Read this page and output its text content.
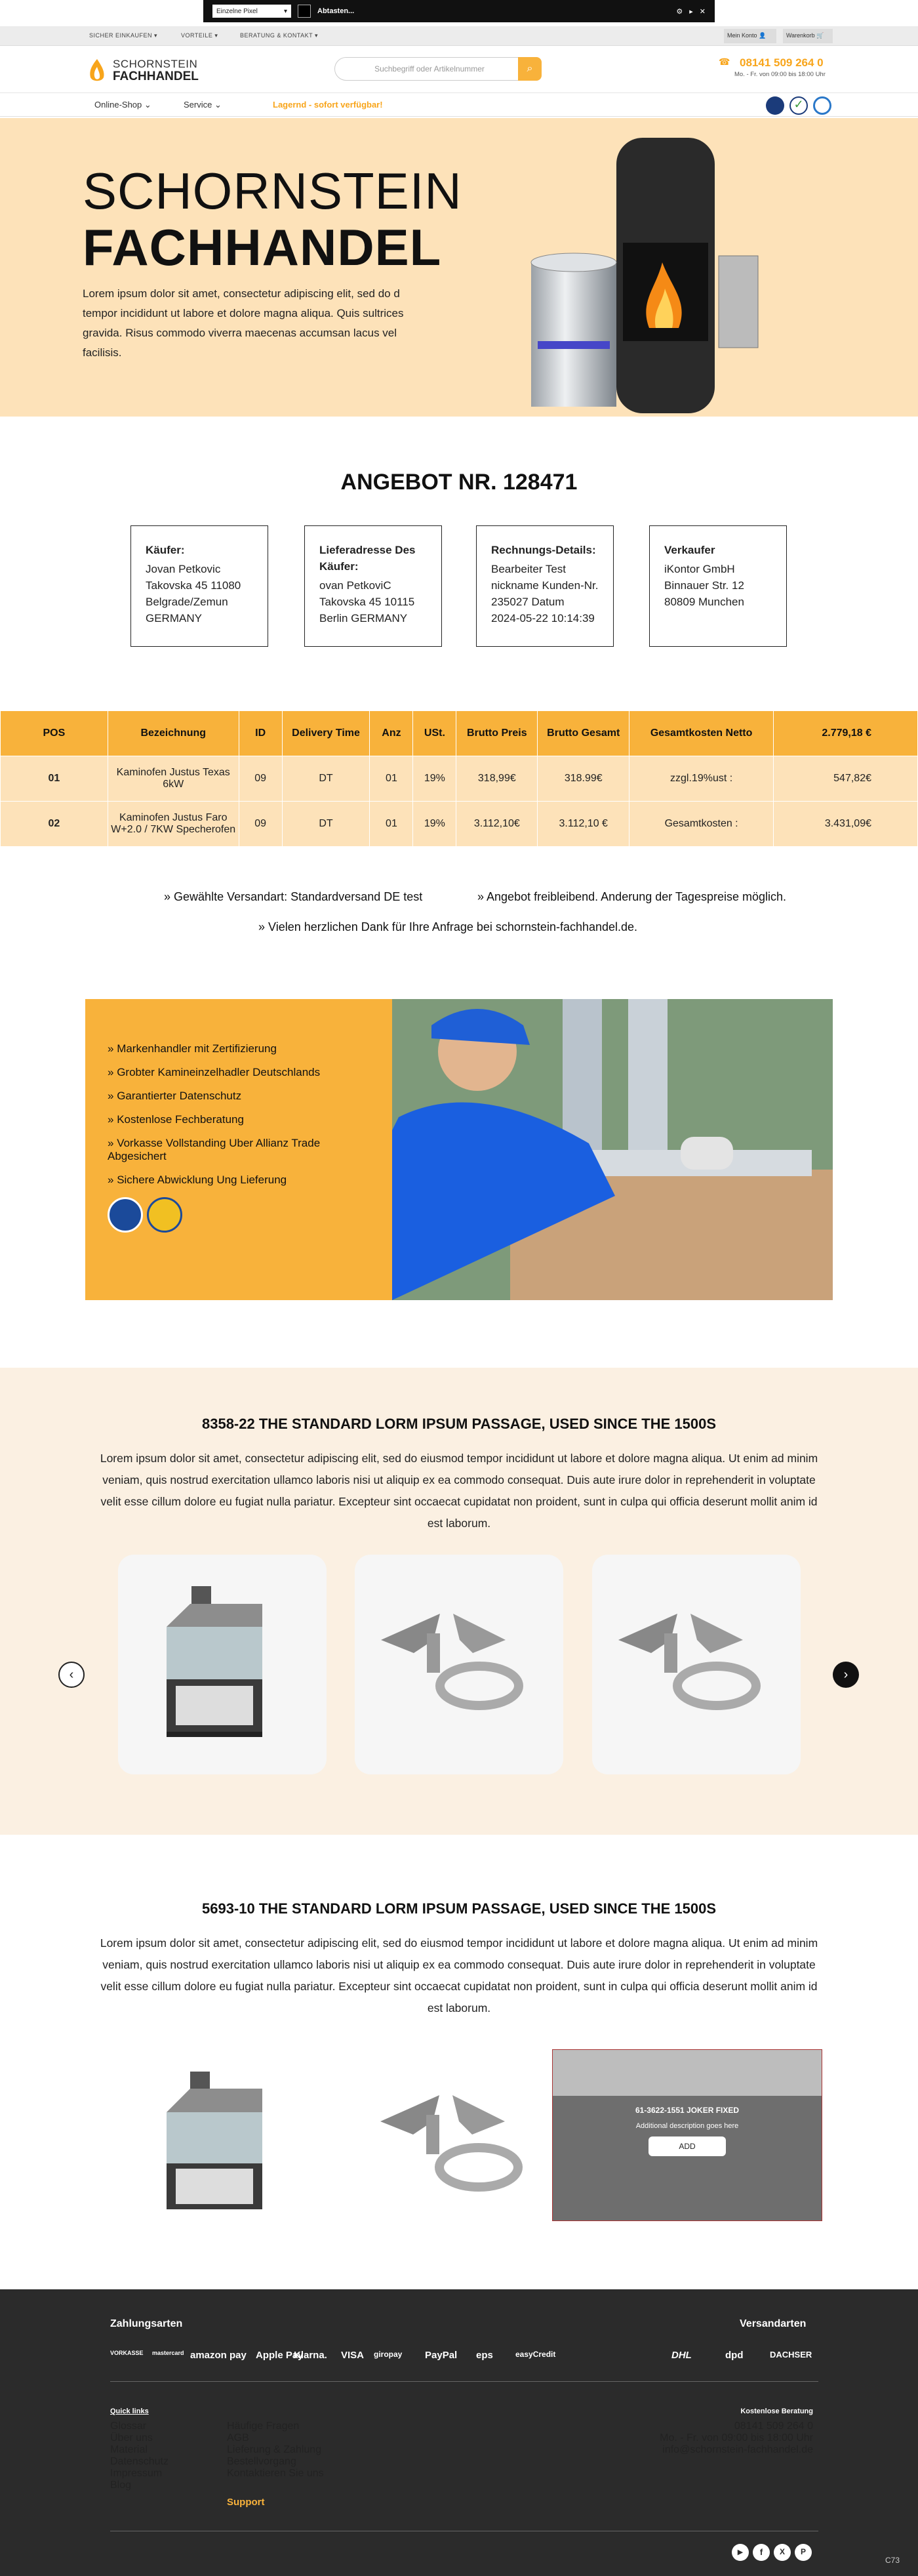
Einzelne Pixel	▾	Abtasten...	⚙ ▸ ✕
SICHER EINKAUFEN ▾	VORTEILE ▾	BERATUNG & KONTAKT ▾	Mein Konto 👤	Warenkorb 🛒
SCHORNSTEIN
FACHHANDEL
Suchbegriff oder Artikelnummer	⌕
☎ 08141 509 264 0
Mo. - Fr. von 09:00 bis 18:00 Uhr
Online-Shop ⌄	Service ⌄	Lagernd - sofort verfügbar!	✓
SCHORNSTEIN
FACHHANDEL
Lorem ipsum dolor sit amet, consectetur adipiscing elit, sed do d tempor incididunt ut labore et dolore magna aliqua. Quis sultrices gravida. Risus commodo viverra maecenas accumsan lacus vel facilisis.
ANGEBOT NR. 128471
Käufer:
Jovan Petkovic
Takovska 45 11080
Belgrade/Zemun
GERMANY
Lieferadresse Des Käufer:
ovan PetkoviC
Takovska 45 10115
Berlin GERMANY
Rechnungs-Details:
Bearbeiter Test
nickname Kunden-Nr.
235027 Datum
2024-05-22 10:14:39
Verkaufer
iKontor GmbH
Binnauer Str. 12
80809 Munchen
POS	Bezeichnung	ID	Delivery Time	Anz	USt.	Brutto Preis	Brutto Gesamt	Gesamtkosten Netto	2.779,18 €
01	Kaminofen Justus Texas 6kW	09	DT	01	19%	318,99€	318.99€	zzgl.19%ust :	547,82€
02	Kaminofen Justus Faro W+2.0 / 7KW Specherofen	09	DT	01	19%	3.112,10€	3.112,10 €	Gesamtkosten :	3.431,09€
» Gewählte Versandart: Standardversand DE test	» Angebot freibleibend. Anderung der Tagespreise möglich.
» Vielen herzlichen Dank für Ihre Anfrage bei schornstein-fachhandel.de.
» Markenhandler mit Zertifizierung
» Grobter Kamineinzelhadler Deutschlands
» Garantierter Datenschutz
» Kostenlose Fechberatung
» Vorkasse Vollstanding Uber Allianz Trade Abgesichert
» Sichere Abwicklung Ung Lieferung
8358-22 THE STANDARD LORM IPSUM PASSAGE, USED SINCE THE 1500S
Lorem ipsum dolor sit amet, consectetur adipiscing elit, sed do eiusmod tempor incididunt ut labore et dolore magna aliqua. Ut enim ad minim veniam, quis nostrud exercitation ullamco laboris nisi ut aliquip ex ea commodo consequat. Duis aute irure dolor in reprehenderit in voluptate velit esse cillum dolore eu fugiat nulla pariatur. Excepteur sint occaecat cupidatat non proident, sunt in culpa qui officia deserunt mollit anim id est laborum.
‹	›
5693-10 THE STANDARD LORM IPSUM PASSAGE, USED SINCE THE 1500S
Lorem ipsum dolor sit amet, consectetur adipiscing elit, sed do eiusmod tempor incididunt ut labore et dolore magna aliqua. Ut enim ad minim veniam, quis nostrud exercitation ullamco laboris nisi ut aliquip ex ea commodo consequat. Duis aute irure dolor in reprehenderit in voluptate velit esse cillum dolore eu fugiat nulla pariatur. Excepteur sint occaecat cupidatat non proident, sunt in culpa qui officia deserunt mollit anim id est laborum.
61-3622-1551 JOKER FIXED
Additional description goes here
ADD
Zahlungsarten	Versandarten
VORKASSE mastercard amazon pay Apple Pay
Klarna. VISA giropay PayPal eps	easyCredit	DHL	dpd	DACHSER
Quick links
Glossar
Über uns
Material
Datenschutz
Impressum
Blog
Häufige Fragen
AGB
Lieferung & Zahlung
Bestellvorgang
Kontaktieren Sie uns
Support
Kostenlose Beratung
08141 509 264 0
Mo. - Fr. von 09:00 bis 18:00 Uhr
info@schornstein-fachhandel.de
▶	f	X	P
C73
